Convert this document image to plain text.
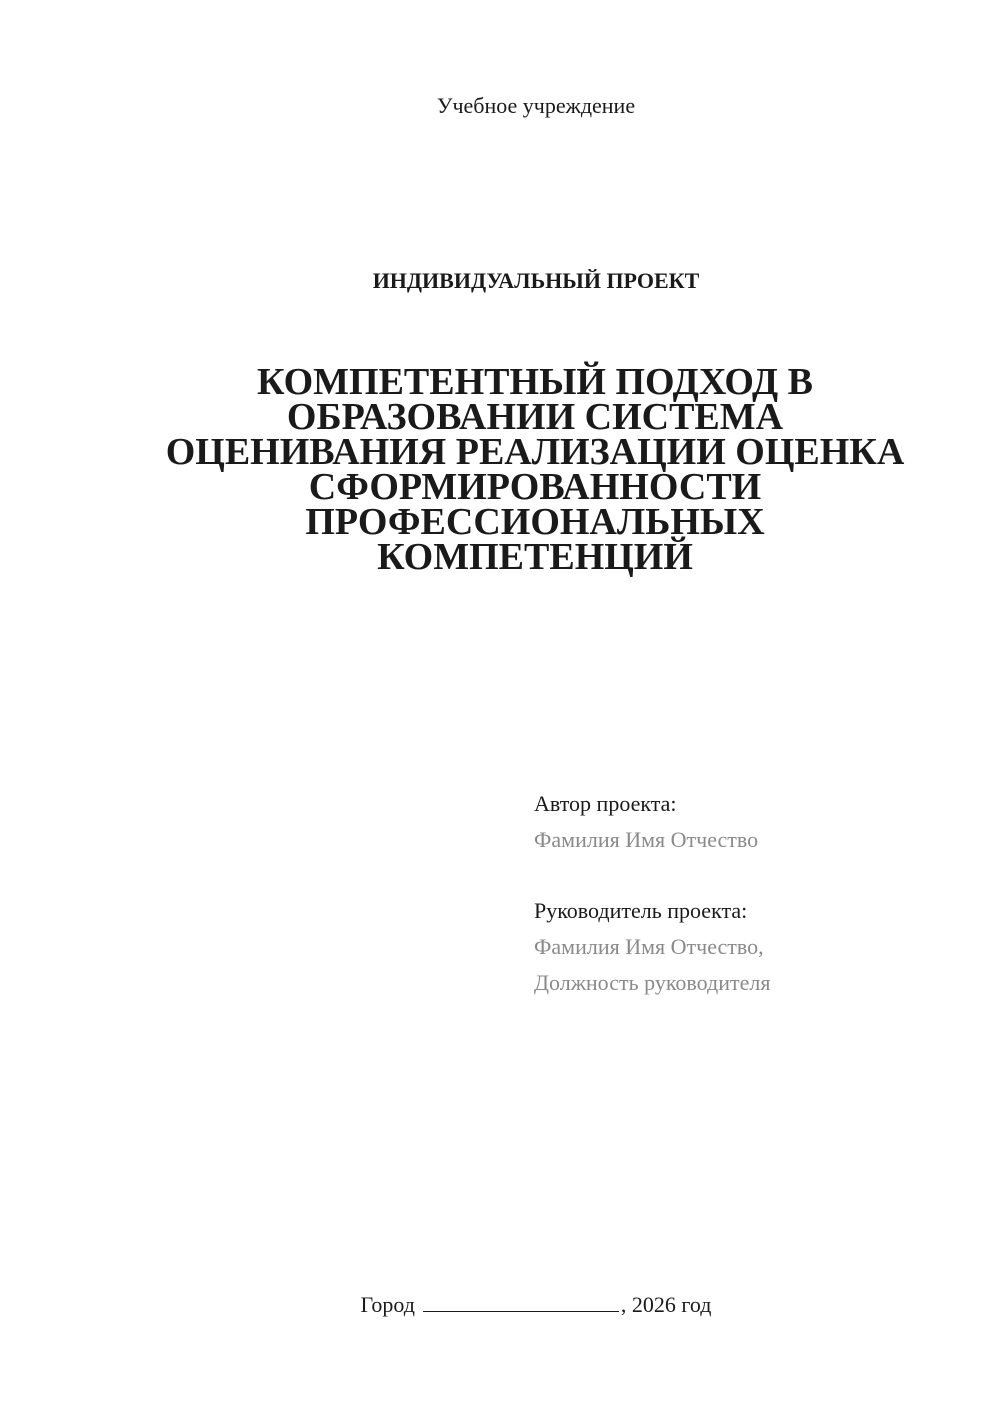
Учебное учреждение
ИНДИВИДУАЛЬНЫЙ ПРОЕКТ
КОМПЕТЕНТНЫЙ ПОДХОД В
ОБРАЗОВАНИИ СИСТЕМА
ОЦЕНИВАНИЯ РЕАЛИЗАЦИИ ОЦЕНКА
СФОРМИРОВАННОСТИ
ПРОФЕССИОНАЛЬНЫХ
КОМПЕТЕНЦИЙ
Автор проекта:
Фамилия Имя Отчество
Руководитель проекта:
Фамилия Имя Отчество,
Должность руководителя
Город	, 2026 год
